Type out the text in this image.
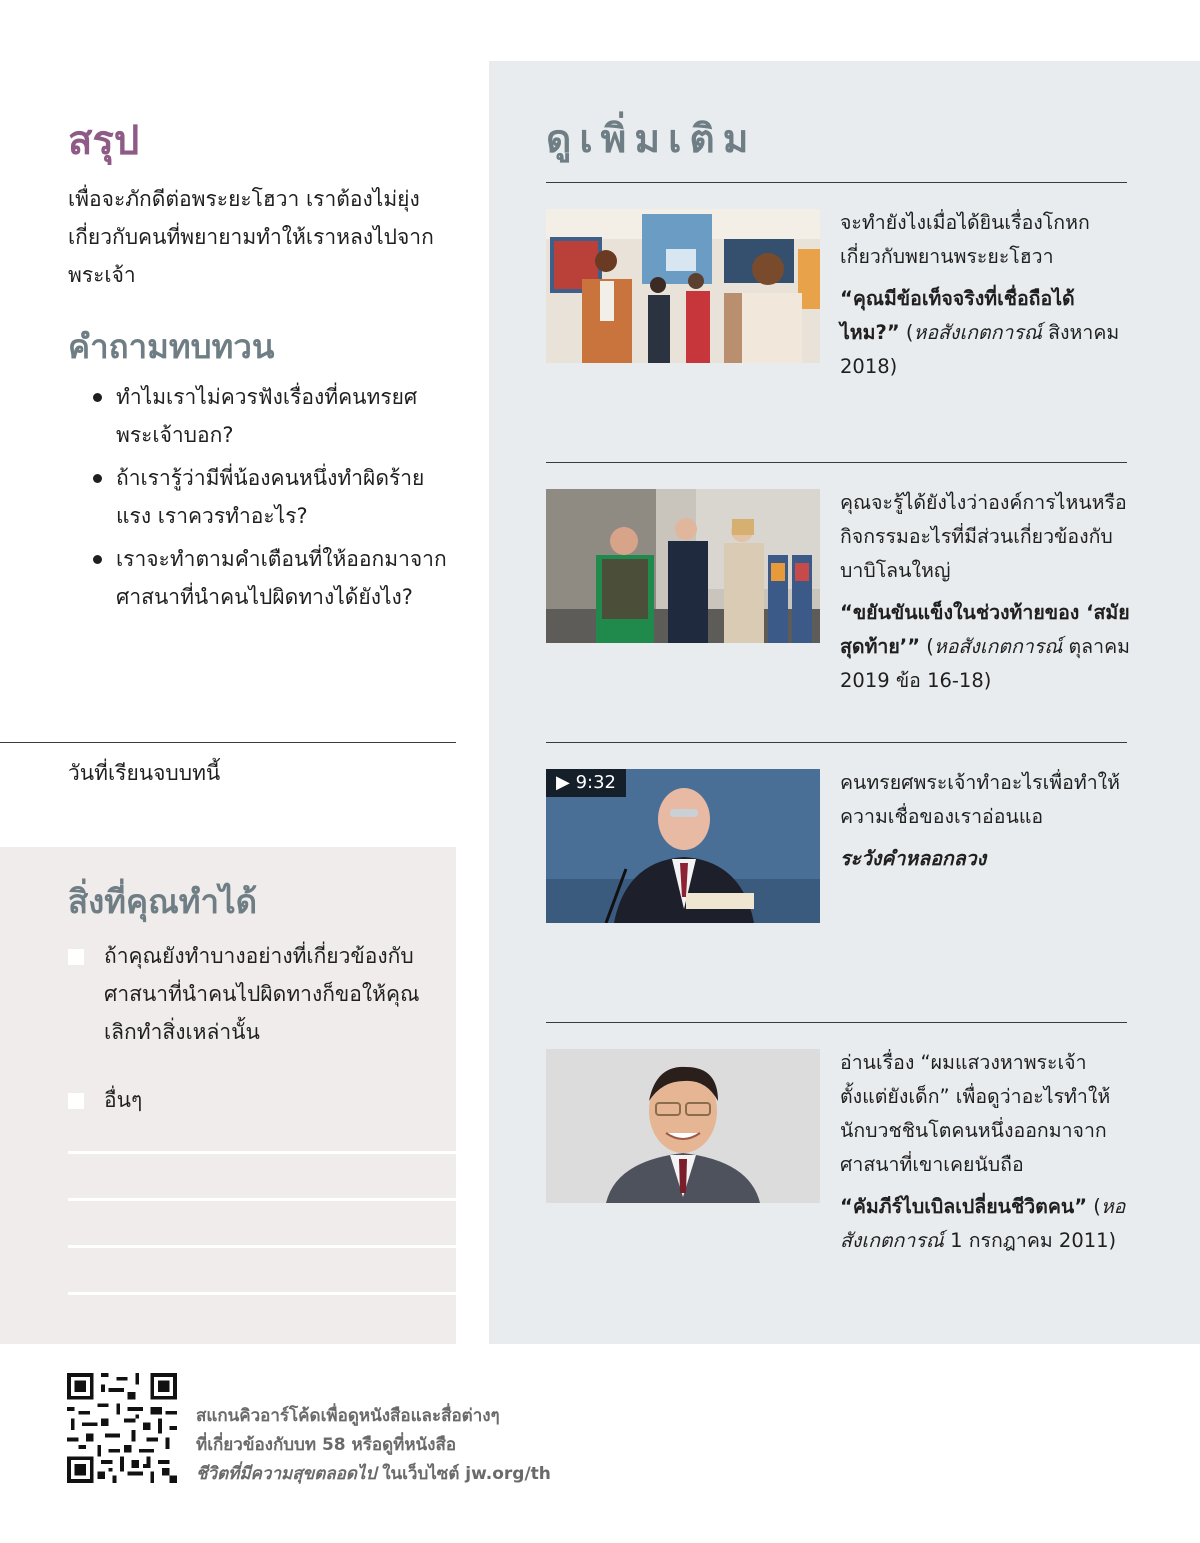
สรุป

เพื่อจะภักดีต่อพระยะโฮวา เราต้องไม่ยุ่งเกี่ยวกับคนที่พยายามทำให้เราหลงไปจากพระเจ้า

คำถามทบทวน
ทำไมเราไม่ควรฟังเรื่องที่คนทรยศพระเจ้าบอก?
ถ้าเรารู้ว่ามีพี่น้องคนหนึ่งทำผิดร้ายแรง เราควรทำอะไร?
เราจะทำตามคำเตือนที่ให้ออกมาจากศาสนาที่นำคนไปผิดทางได้ยังไง?
วันที่เรียนจบบทนี้
สิ่งที่คุณทำได้
ถ้าคุณยังทำบางอย่างที่เกี่ยวข้องกับศาสนาที่นำคนไปผิดทางก็ขอให้คุณเลิกทำสิ่งเหล่านั้น
อื่นๆ
ดูเพิ่มเติม
จะทำยังไงเมื่อได้ยินเรื่องโกหกเกี่ยวกับพยานพระยะโฮวา
“คุณมีข้อเท็จจริงที่เชื่อถือได้ไหม?” (หอสังเกตการณ์ สิงหาคม 2018)
คุณจะรู้ได้ยังไงว่าองค์การไหนหรือกิจกรรมอะไรที่มีส่วนเกี่ยวข้องกับบาบิโลนใหญ่
“ขยันขันแข็งในช่วงท้ายของ ‘สมัยสุดท้าย’” (หอสังเกตการณ์ ตุลาคม 2019 ข้อ 16-18)
▶ 9:32	คนทรยศพระเจ้าทำอะไรเพื่อทำให้ความเชื่อของเราอ่อนแอ
ระวังคำหลอกลวง
อ่านเรื่อง “ผมแสวงหาพระเจ้าตั้งแต่ยังเด็ก” เพื่อดูว่าอะไรทำให้นักบวชชินโตคนหนึ่งออกมาจากศาสนาที่เขาเคยนับถือ
“คัมภีร์ไบเบิลเปลี่ยนชีวิตคน” (หอสังเกตการณ์ 1 กรกฎาคม 2011)
สแกนคิวอาร์โค้ดเพื่อดูหนังสือและสื่อต่างๆ
ที่เกี่ยวข้องกับบท 58 หรือดูที่หนังสือ
ชีวิตที่มีความสุขตลอดไป ในเว็บไซต์ jw.org/th
